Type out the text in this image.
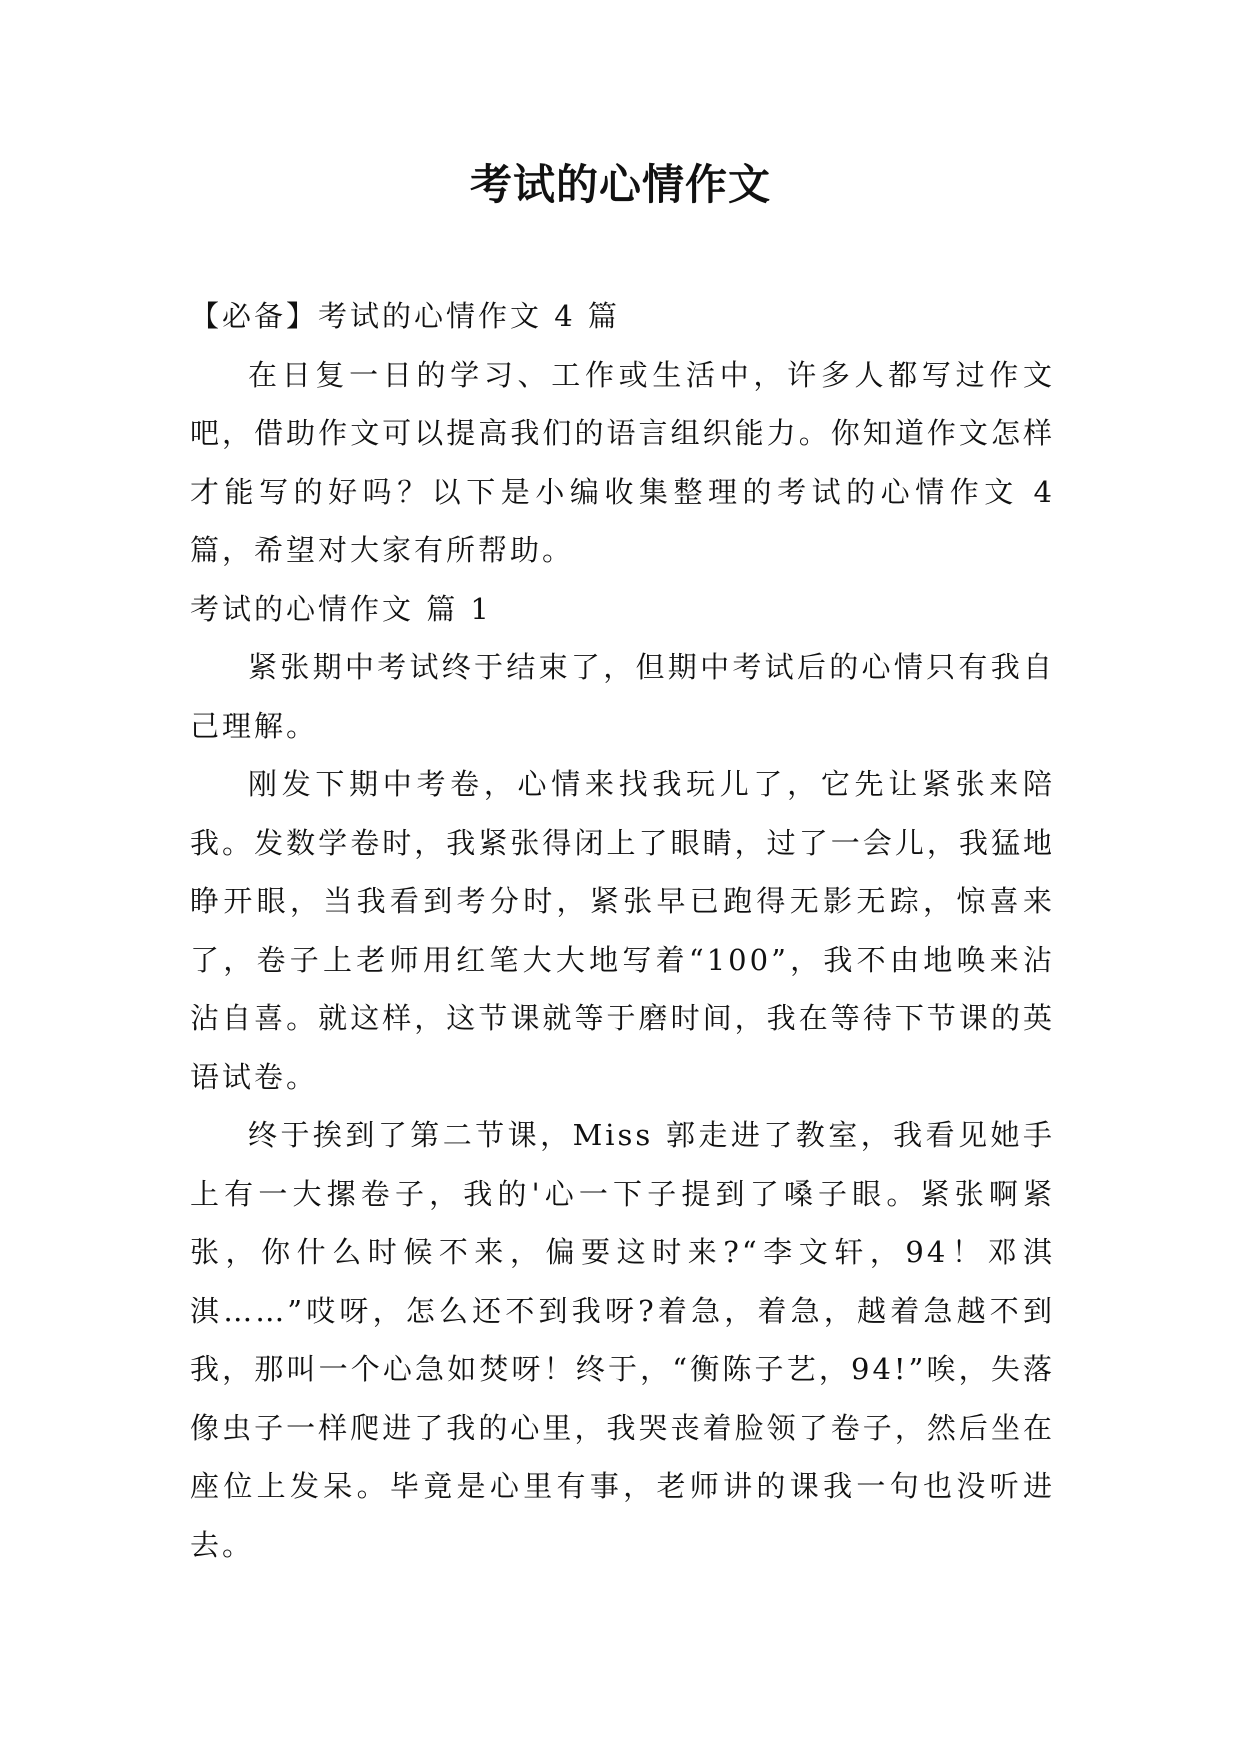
考试的心情作文

【必备】考试的心情作文 4 篇

在日复一日的学习、工作或生活中，许多人都写过作文吧，借助作文可以提高我们的语言组织能力。你知道作文怎样才能写的好吗？以下是小编收集整理的考试的心情作文 4 篇，希望对大家有所帮助。

考试的心情作文 篇 1

紧张期中考试终于结束了，但期中考试后的心情只有我自己理解。

刚发下期中考卷，心情来找我玩儿了，它先让紧张来陪我。发数学卷时，我紧张得闭上了眼睛，过了一会儿，我猛地睁开眼，当我看到考分时，紧张早已跑得无影无踪，惊喜来了，卷子上老师用红笔大大地写着“100”，我不由地唤来沾沾自喜。就这样，这节课就等于磨时间，我在等待下节课的英语试卷。

终于挨到了第二节课，Miss 郭走进了教室，我看见她手上有一大摞卷子，我的'心一下子提到了嗓子眼。紧张啊紧张，你什么时候不来，偏要这时来?“李文轩，94！邓淇淇……”哎呀，怎么还不到我呀?着急，着急，越着急越不到我，那叫一个心急如焚呀！终于，“衡陈子艺，94!”唉，失落像虫子一样爬进了我的心里，我哭丧着脸领了卷子，然后坐在座位上发呆。毕竟是心里有事，老师讲的课我一句也没听进去。
